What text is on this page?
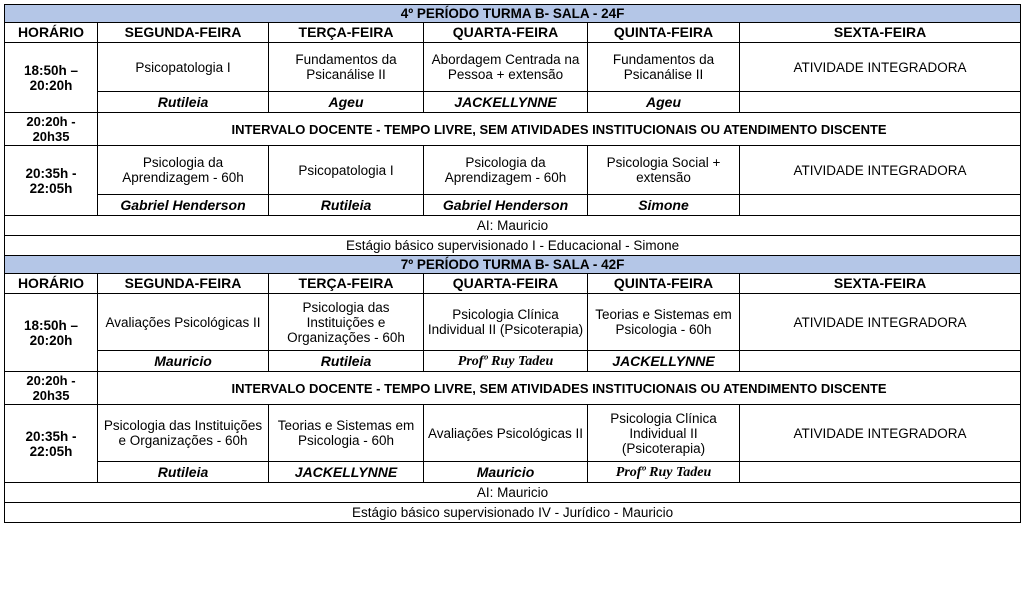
4º PERÍODO TURMA B- SALA - 24F					
HORÁRIO	SEGUNDA-FEIRA	TERÇA-FEIRA	QUARTA-FEIRA	QUINTA-FEIRA	SEXTA-FEIRA
18:50h – 20:20h	Psicopatologia I	Fundamentos da Psicanálise II	Abordagem Centrada na Pessoa + extensão	Fundamentos da Psicanálise II	ATIVIDADE INTEGRADORA
	Rutileia	Ageu	JACKELLYNNE	Ageu	
20:20h - 20h35	INTERVALO DOCENTE - TEMPO LIVRE, SEM ATIVIDADES INSTITUCIONAIS OU ATENDIMENTO DISCENTE				
20:35h - 22:05h	Psicologia da Aprendizagem - 60h	Psicopatologia I	Psicologia da Aprendizagem - 60h	Psicologia Social + extensão	ATIVIDADE INTEGRADORA
	Gabriel Henderson	Rutileia	Gabriel Henderson	Simone	
AI: Mauricio					
Estágio básico supervisionado I - Educacional - Simone					
7º PERÍODO TURMA B- SALA - 42F					
HORÁRIO	SEGUNDA-FEIRA	TERÇA-FEIRA	QUARTA-FEIRA	QUINTA-FEIRA	SEXTA-FEIRA
18:50h – 20:20h	Avaliações Psicológicas II	Psicologia das Instituições e Organizações - 60h	Psicologia Clínica Individual II (Psicoterapia)	Teorias e Sistemas em Psicologia - 60h	ATIVIDADE INTEGRADORA
	Mauricio	Rutileia	Profº Ruy Tadeu	JACKELLYNNE	
20:20h - 20h35	INTERVALO DOCENTE - TEMPO LIVRE, SEM ATIVIDADES INSTITUCIONAIS OU ATENDIMENTO DISCENTE				
20:35h - 22:05h	Psicologia das Instituições e Organizações - 60h	Teorias e Sistemas em Psicologia - 60h	Avaliações Psicológicas II	Psicologia Clínica Individual II (Psicoterapia)	ATIVIDADE INTEGRADORA
	Rutileia	JACKELLYNNE	Mauricio	Profº Ruy Tadeu	
AI: Mauricio					
Estágio básico supervisionado IV - Jurídico - Mauricio					
